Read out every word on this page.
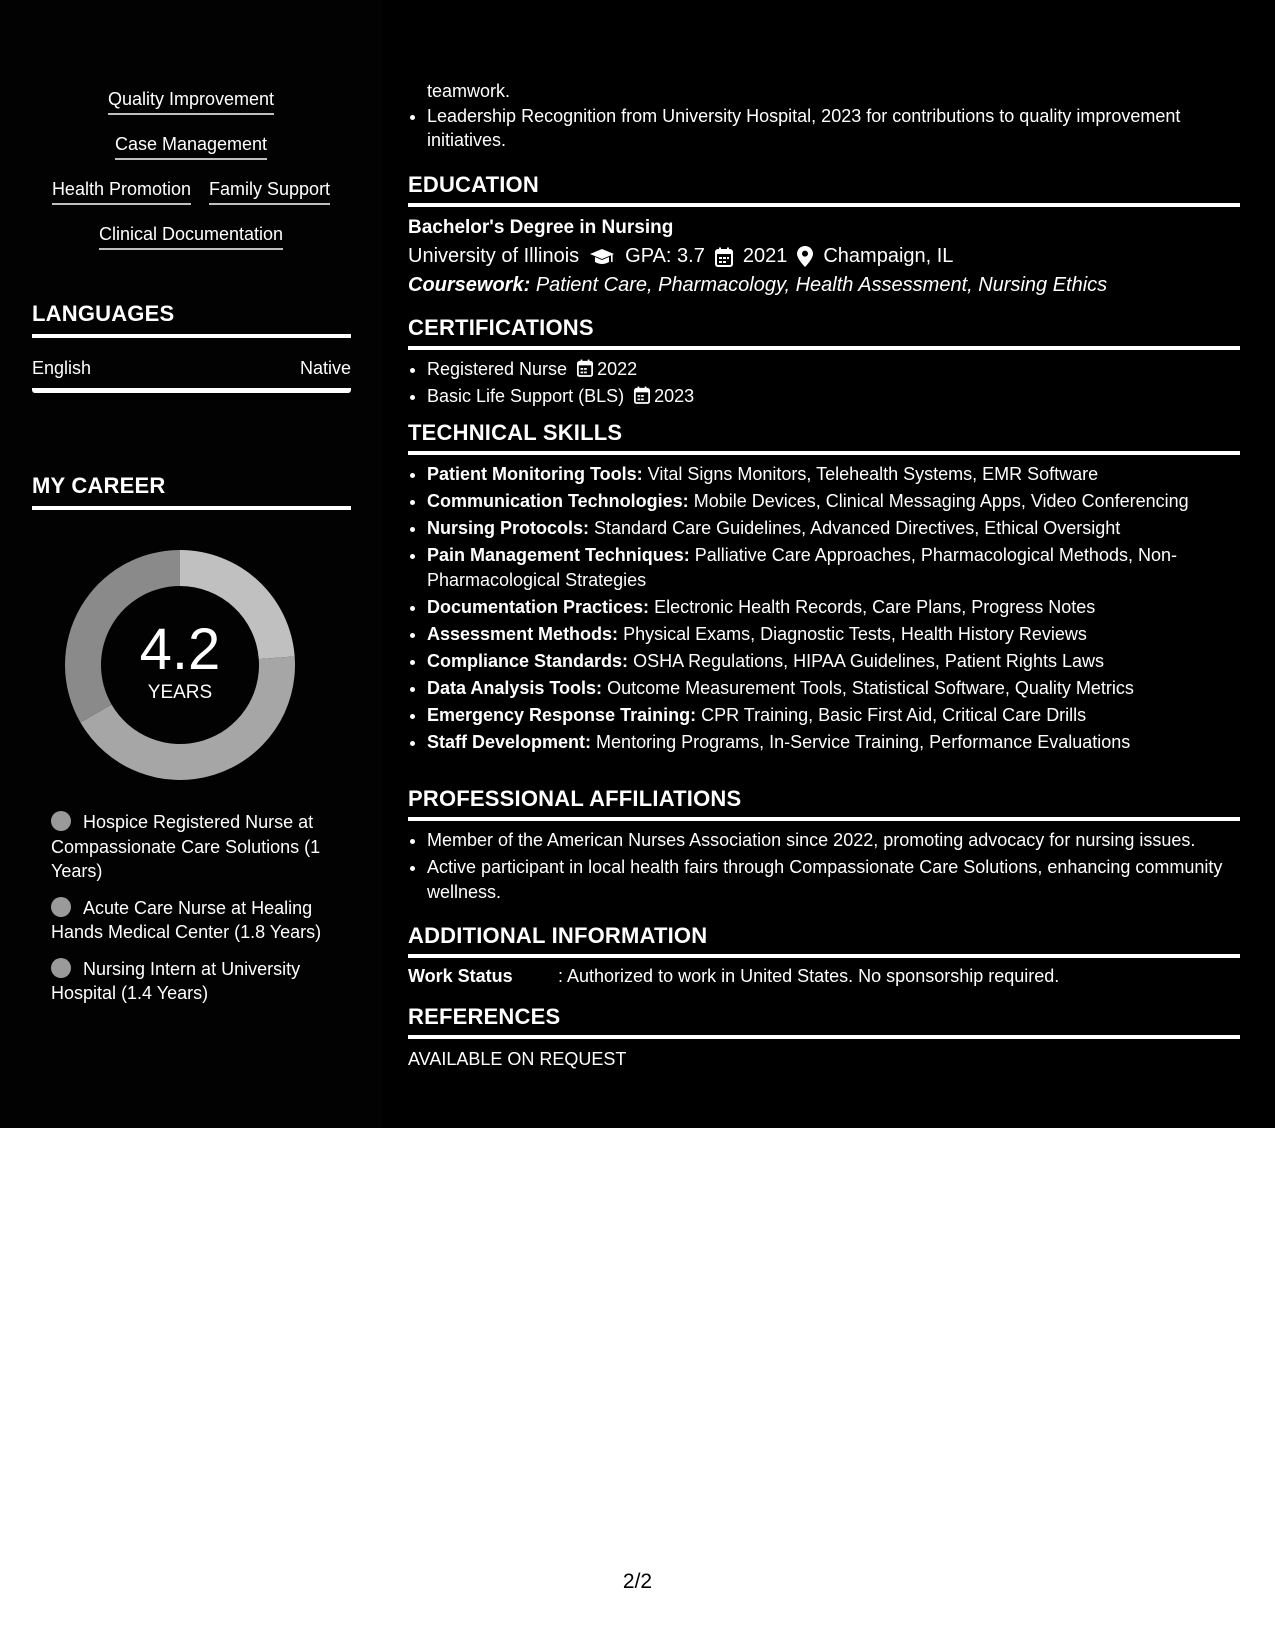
Quality Improvement
Case Management
Health Promotion Family Support
Clinical Documentation
LANGUAGES
English	Native
MY CAREER
4.2
YEARS
Hospice Registered Nurse at Compassionate Care Solutions (1 Years)
Acute Care Nurse at Healing Hands Medical Center (1.8 Years)
Nursing Intern at University Hospital (1.4 Years)
teamwork.
• Leadership Recognition from University Hospital, 2023 for contributions to quality improvement initiatives.
EDUCATION
Bachelor's Degree in Nursing
University of Illinois GPA: 3.7 2021 Champaign, IL
Coursework: Patient Care, Pharmacology, Health Assessment, Nursing Ethics
CERTIFICATIONS
• Registered Nurse 2022
• Basic Life Support (BLS) 2023
TECHNICAL SKILLS
• Patient Monitoring Tools: Vital Signs Monitors, Telehealth Systems, EMR Software
• Communication Technologies: Mobile Devices, Clinical Messaging Apps, Video Conferencing
• Nursing Protocols: Standard Care Guidelines, Advanced Directives, Ethical Oversight
• Pain Management Techniques: Palliative Care Approaches, Pharmacological Methods, Non-Pharmacological Strategies
• Documentation Practices: Electronic Health Records, Care Plans, Progress Notes
• Assessment Methods: Physical Exams, Diagnostic Tests, Health History Reviews
• Compliance Standards: OSHA Regulations, HIPAA Guidelines, Patient Rights Laws
• Data Analysis Tools: Outcome Measurement Tools, Statistical Software, Quality Metrics
• Emergency Response Training: CPR Training, Basic First Aid, Critical Care Drills
• Staff Development: Mentoring Programs, In-Service Training, Performance Evaluations
PROFESSIONAL AFFILIATIONS
• Member of the American Nurses Association since 2022, promoting advocacy for nursing issues.
• Active participant in local health fairs through Compassionate Care Solutions, enhancing community wellness.
ADDITIONAL INFORMATION
Work Status	: Authorized to work in United States. No sponsorship required.
REFERENCES
AVAILABLE ON REQUEST
2/2
